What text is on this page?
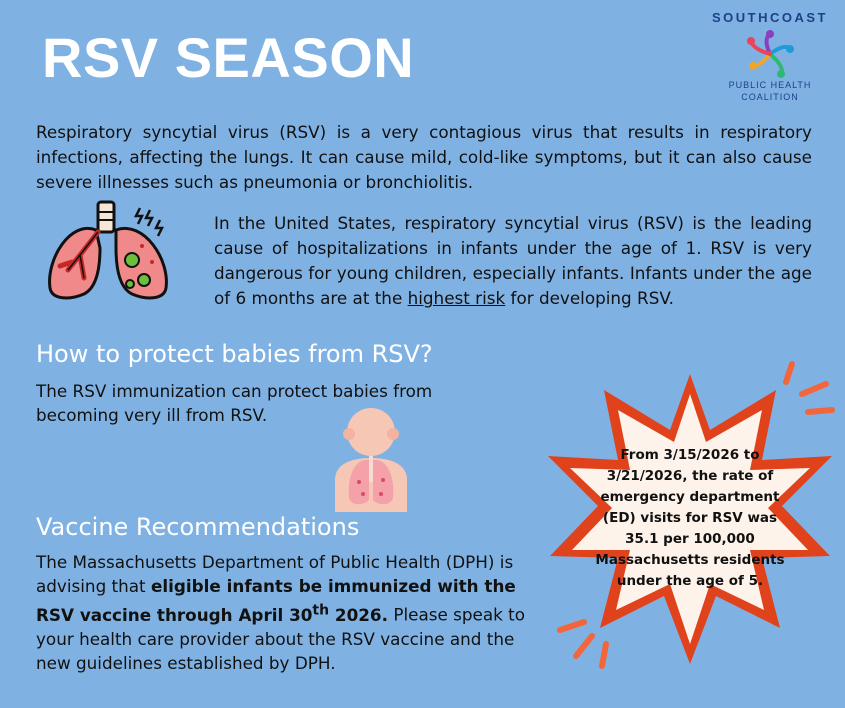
RSV SEASON
SOUTHCOAST
PUBLIC HEALTH
COALITION

Respiratory syncytial virus (RSV) is a very contagious virus that results in respiratory infections, affecting the lungs. It can cause mild, cold-like symptoms, but it can also cause severe illnesses such as pneumonia or bronchiolitis.

In the United States, respiratory syncytial virus (RSV) is the leading cause of hospitalizations in infants under the age of 1. RSV is very dangerous for young children, especially infants. Infants under the age of 6 months are at the highest risk for developing RSV.

How to protect babies from RSV?

The RSV immunization can protect babies from becoming very ill from RSV.

Vaccine Recommendations

The Massachusetts Department of Public Health (DPH) is advising that eligible infants be immunized with the RSV vaccine through April 30th 2026. Please speak to your health care provider about the RSV vaccine and the new guidelines established by DPH.

From 3/15/2026 to 3/21/2026, the rate of emergency department (ED) visits for RSV was 35.1 per 100,000 Massachusetts residents under the age of 5.
